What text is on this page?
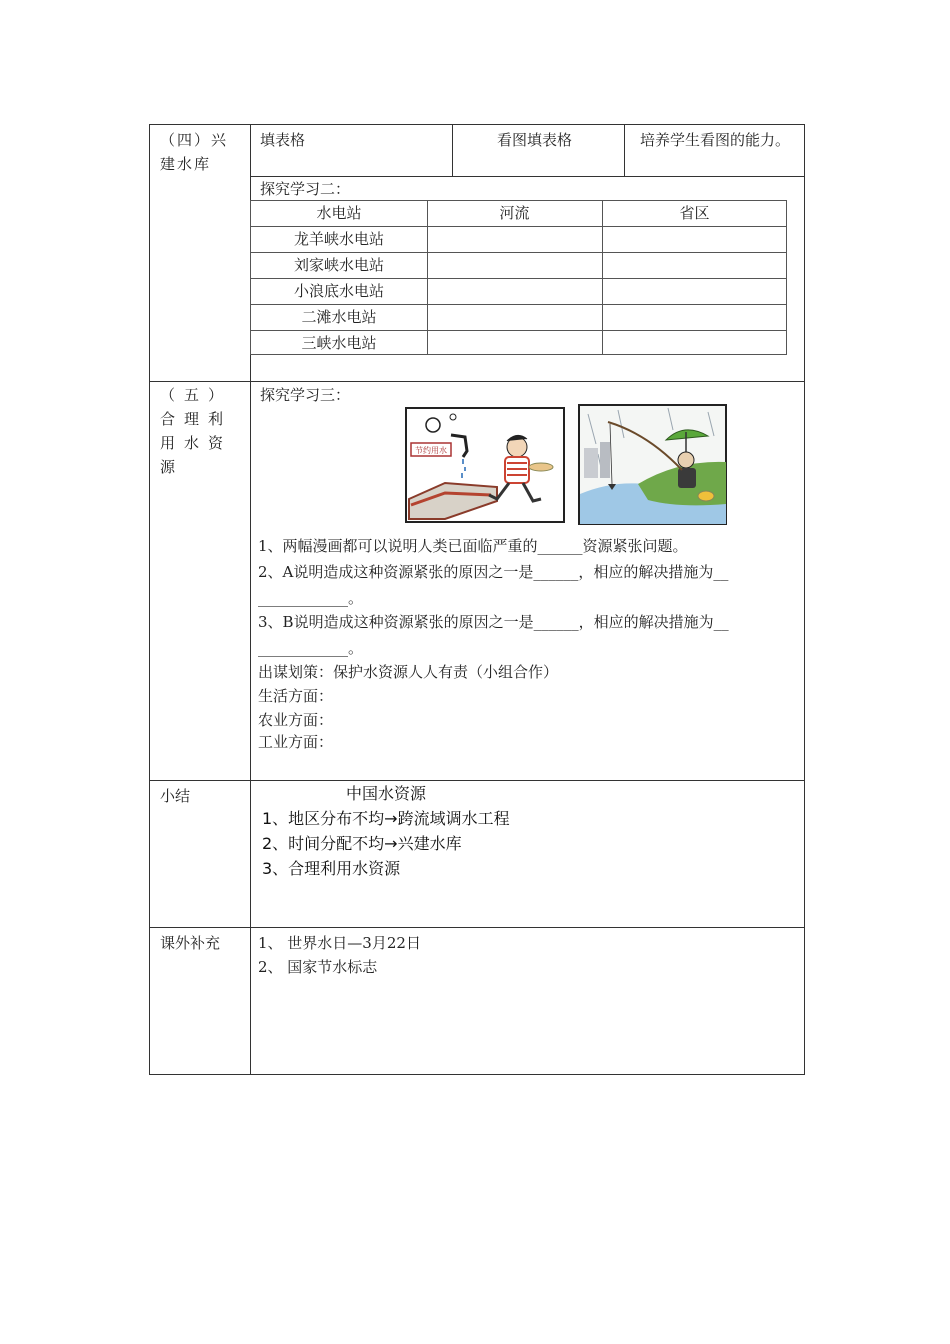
（四）兴建水库
填表格	看图填表格	培养学生看图的能力。
探究学习二：
水电站	河流	省区
龙羊峡水电站
刘家峡水电站
小浪底水电站
二滩水电站
三峡水电站
（五）合理利用水资源
探究学习三：
节约用水
1、两幅漫画都可以说明人类已面临严重的______资源紧张问题。
2、A说明造成这种资源紧张的原因之一是______，相应的解决措施为__
____________。
3、B说明造成这种资源紧张的原因之一是______，相应的解决措施为__
____________。
出谋划策：保护水资源人人有责（小组合作）
生活方面：
农业方面：
工业方面：
小结	中国水资源
1、地区分布不均→跨流域调水工程
2、时间分配不均→兴建水库
3、合理利用水资源
课外补充	1、 世界水日—3月22日
2、 国家节水标志
